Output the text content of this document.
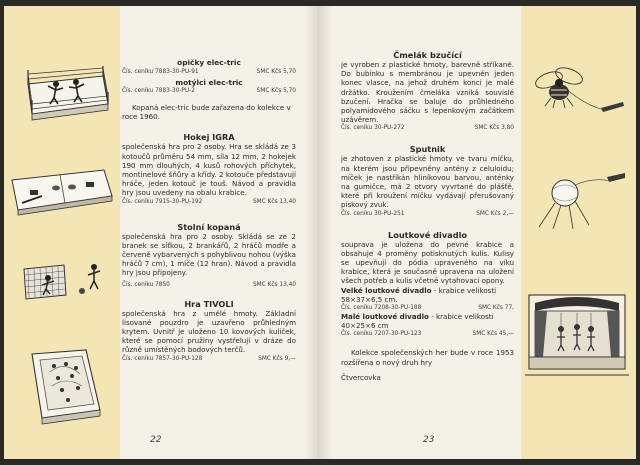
opičky elec-tric
Čís. ceníku 7883-30-PU-91	SMC Kčs 5,70
motýlci elec-tric
Čís. ceníku 7883-30-PU-2	SMC Kčs 5,70

Kopaná elec-tric bude zařazena do kolekce v roce 1960.

Hokej IGRA

společenská hra pro 2 osoby. Hra se skládá ze 3 kotoučů průměru 54 mm, síla 12 mm, 2 hokejek 190 mm dlouhých, 4 kusů rohových příchytek, montinelové šňůry a křídy. 2 kotouče představují hráče, jeden kotouč je touš. Návod a pravidla hry jsou uvedeny na obalu krabice.

Čís. ceníku 7915-30-PU-192	SMC Kčs 13,40
Stolní kopaná

společenská hra pro 2 osoby. Skládá se ze 2 branek se síťkou, 2 brankářů, 2 hráčů modře a červeně vybarvených s pohyblivou nohou (výška hráčů 7 cm), 1 míče (12 hran). Návod a pravidla hry jsou připojeny.

Čís. ceníku 7850	SMC Kčs 13,40
Hra TIVOLI

společenská hra z umělé hmoty. Základní lisované pouzdro je uzavřeno průhledným krytem. Uvnitř je uloženo 10 kovových kuliček, které se pomocí pružiny vystřelují v dráze do různě umístěných bodových terčů.

Čís. ceníku 7857-30-PU-128	SMC Kčs 9,—
22
Čmelák bzučící

je vyroben z plastické hmoty, barevně stříkané. Do bubínku s membránou je upevněn jeden konec vlasce, na jehož druhém konci je malé držátko. Kroužením čmeláka vzniká souvislé bzučení. Hračka se baluje do průhledného polyamidového sáčku s lepenkovým začátkem uzávěrem.

Čís. ceníku 30-PU-272	SMC Kčs 3,80
Sputnik

je zhotoven z plastické hmoty ve tvaru míčku, na kterém jsou připevněny antény z celuloidu; míček je nastříkán hliníkovou barvou, anténky na gumičce, má 2 otvory vyvrtané do plášťě, které při kroužení míčku vydávají přerušovaný pískový zvuk.

Čís. ceníku 30-PU-251	SMC Kčs 2,—
Loutkové divadlo

souprava je uložena do pevné krabice a obsahuje 4 proměny potisknutých kulis. Kulisy se upevňují do pódia upraveného na víku krabice, která je současně upravena na uložení všech potřeb a kulis včetně vytahovací opony.

Velké loutkové divadlo - krabice velikosti 58×37×6,5 cm.

Čís. ceníku 7208-30-PU-188	SMC Kčs 77,

Malé loutkové divadlo - krabice velikosti 40×25×6 cm

Čís. ceníku 7207-30-PU-123	SMC Kčs 45,—

Kolekce společenských her bude v roce 1953 rozšířena o nový druh hry

Čtvercovka

23
